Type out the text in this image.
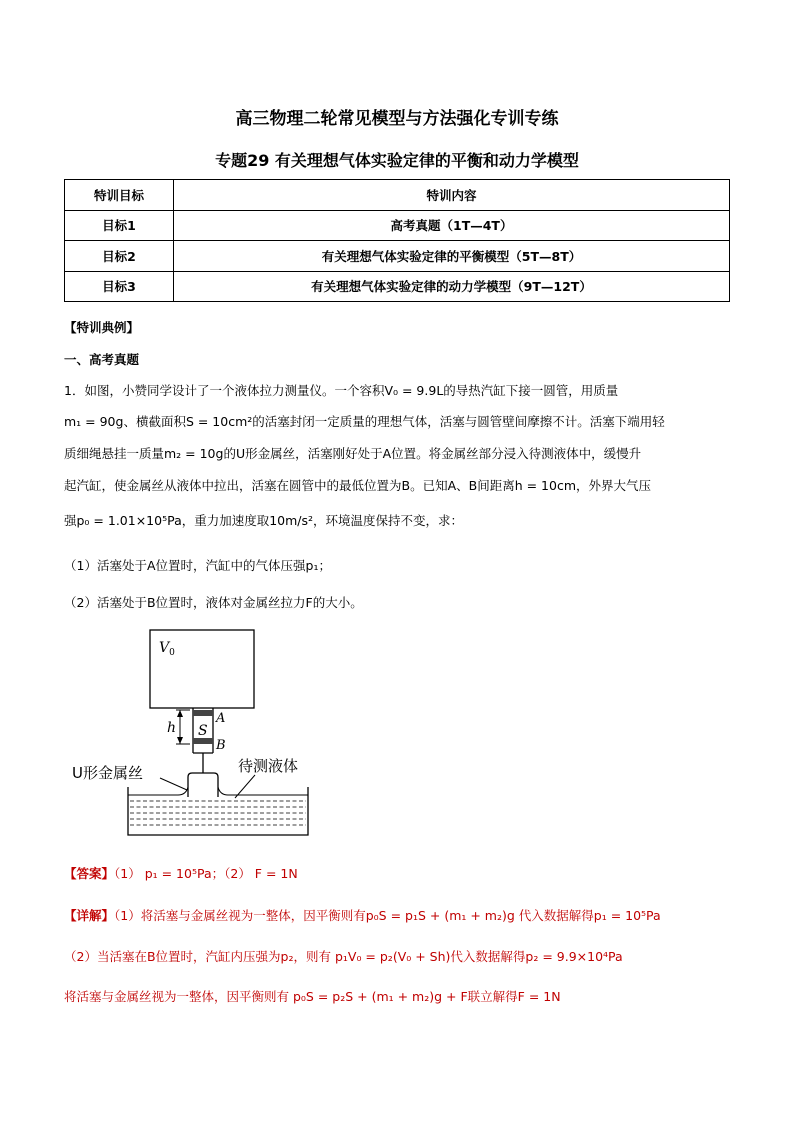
高三物理二轮常见模型与方法强化专训专练
专题29 有关理想气体实验定律的平衡和动力学模型
特训目标	特训内容
目标1	高考真题（1T—4T）
目标2	有关理想气体实验定律的平衡模型（5T—8T）
目标3	有关理想气体实验定律的动力学模型（9T—12T）
【特训典例】
一、高考真题
1．如图，小赞同学设计了一个液体拉力测量仪。一个容积V₀ = 9.9L的导热汽缸下接一圆管，用质量
m₁ = 90g、横截面积S = 10cm²的活塞封闭一定质量的理想气体，活塞与圆管壁间摩擦不计。活塞下端用轻
质细绳悬挂一质量m₂ = 10g的U形金属丝，活塞刚好处于A位置。将金属丝部分浸入待测液体中，缓慢升
起汽缸，使金属丝从液体中拉出，活塞在圆管中的最低位置为B。已知A、B间距离h = 10cm，外界大气压
强p₀ = 1.01×10⁵Pa，重力加速度取10m/s²，环境温度保持不变，求：
（1）活塞处于A位置时，汽缸中的气体压强p₁；
（2）活塞处于B位置时，液体对金属丝拉力F的大小。
$V_0$
A
B
S
h
U形金属丝	待测液体
【答案】（1） p₁ = 10⁵Pa；（2） F = 1N
【详解】（1）将活塞与金属丝视为一整体，因平衡则有p₀S = p₁S + (m₁ + m₂)g 代入数据解得p₁ = 10⁵Pa
（2）当活塞在B位置时，汽缸内压强为p₂，则有 p₁V₀ = p₂(V₀ + Sh)代入数据解得p₂ = 9.9×10⁴Pa
将活塞与金属丝视为一整体，因平衡则有 p₀S = p₂S + (m₁ + m₂)g + F联立解得F = 1N
